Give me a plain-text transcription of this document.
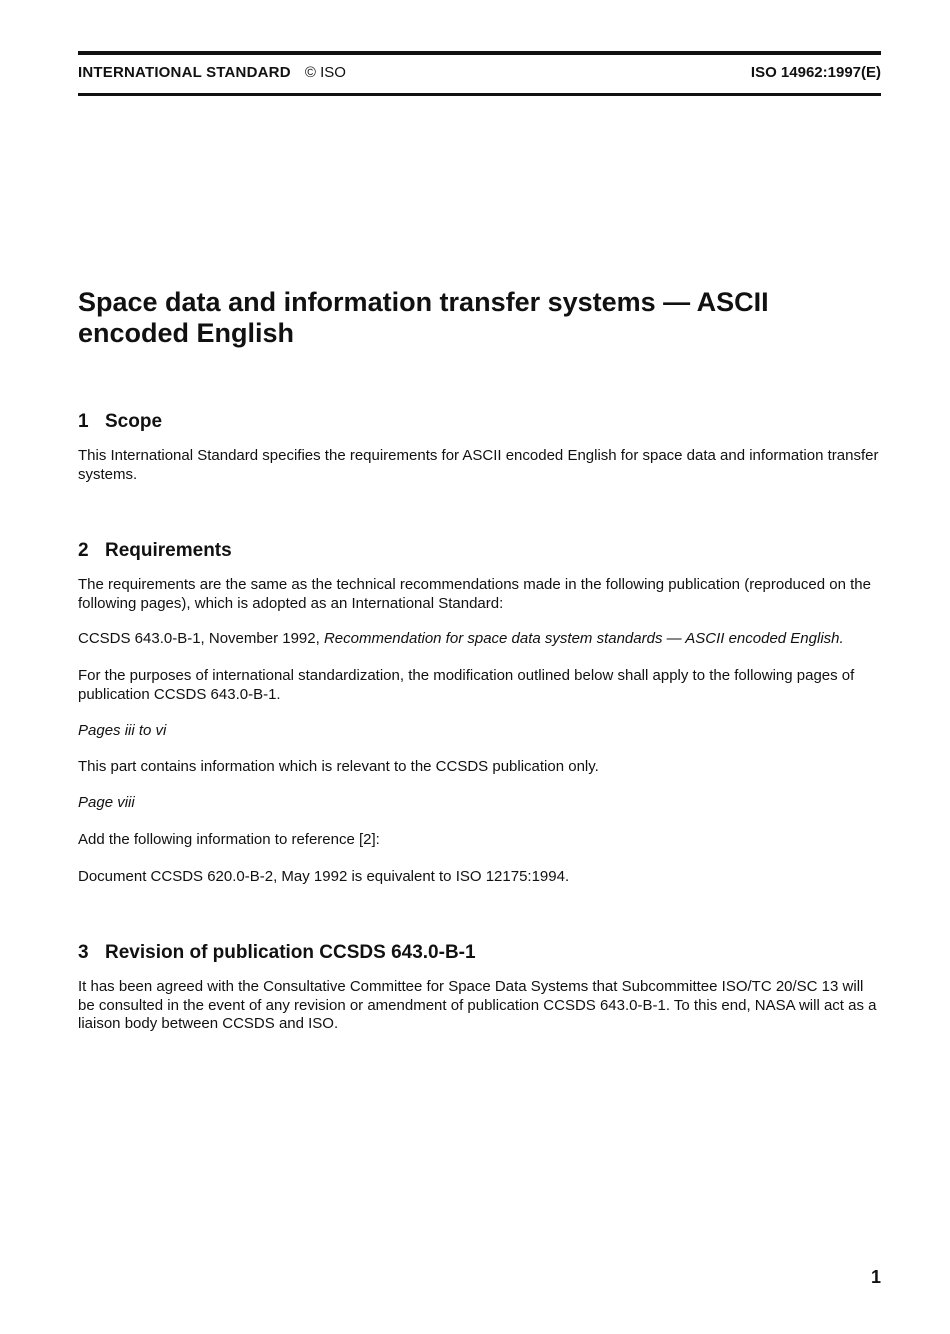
INTERNATIONAL STANDARD © ISO	ISO 14962:1997(E)
Space data and information transfer systems — ASCII encoded English
1 Scope

This International Standard specifies the requirements for ASCII encoded English for space data and information transfer systems.

2 Requirements

The requirements are the same as the technical recommendations made in the following publication (reproduced on the following pages), which is adopted as an International Standard:

CCSDS 643.0-B-1, November 1992, Recommendation for space data system standards — ASCII encoded English.

For the purposes of international standardization, the modification outlined below shall apply to the following pages of publication CCSDS 643.0-B-1.

Pages iii to vi

This part contains information which is relevant to the CCSDS publication only.

Page viii

Add the following information to reference [2]:

Document CCSDS 620.0-B-2, May 1992 is equivalent to ISO 12175:1994.

3 Revision of publication CCSDS 643.0-B-1

It has been agreed with the Consultative Committee for Space Data Systems that Subcommittee ISO/TC 20/SC 13 will be consulted in the event of any revision or amendment of publication CCSDS 643.0-B-1. To this end, NASA will act as a liaison body between CCSDS and ISO.

1
